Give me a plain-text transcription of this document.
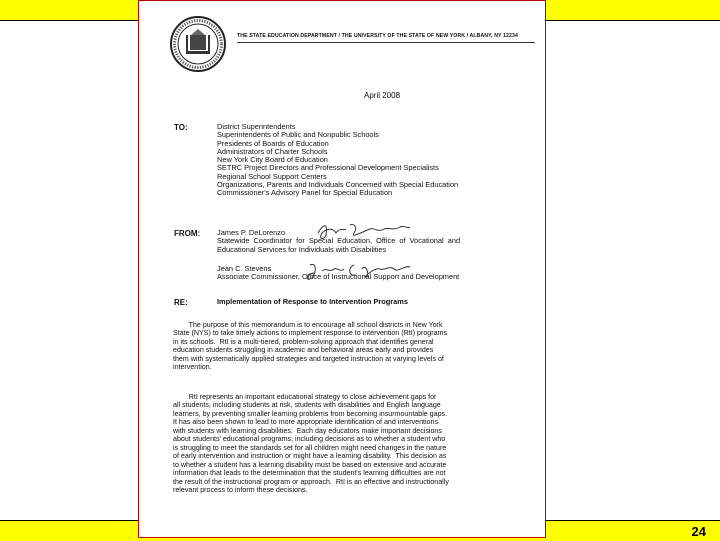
24
THE STATE EDUCATION DEPARTMENT / THE UNIVERSITY OF THE STATE OF NEW YORK / ALBANY, NY 12234
April 2008
TO:	District Superintendents
Superintendents of Public and Nonpublic Schools
Presidents of Boards of Education
Administrators of Charter Schools
New York City Board of Education
SETRC Project Directors and Professional Development Specialists
Regional School Support Centers
Organizations, Parents and Individuals Concerned with Special Education
Commissioner's Advisory Panel for Special Education
FROM: James P. DeLorenzo
Statewide Coordinator for Special Education, Office of Vocational and
Educational Services for Individuals with Disabilities
Jean C. Stevens
Associate Commissioner, Office of Instructional Support and Development
RE:	Implementation of Response to Intervention Programs
The purpose of this memorandum is to encourage all school districts in New York
State (NYS) to take timely actions to implement response to intervention (RtI) programs
in its schools.  RtI is a multi-tiered, problem-solving approach that identifies general
education students struggling in academic and behavioral areas early and provides
them with systematically applied strategies and targeted instruction at varying levels of
intervention.
RtI represents an important educational strategy to close achievement gaps for
all students, including students at risk, students with disabilities and English language
learners, by preventing smaller learning problems from becoming insurmountable gaps.
It has also been shown to lead to more appropriate identification of and interventions
with students with learning disabilities.  Each day educators make important decisions
about students' educational programs, including decisions as to whether a student who
is struggling to meet the standards set for all children might need changes in the nature
of early intervention and instruction or might have a learning disability.  This decision as
to whether a student has a learning disability must be based on extensive and accurate
information that leads to the determination that the student's learning difficulties are not
the result of the instructional program or approach.  RtI is an effective and instructionally
relevant process to inform these decisions.
